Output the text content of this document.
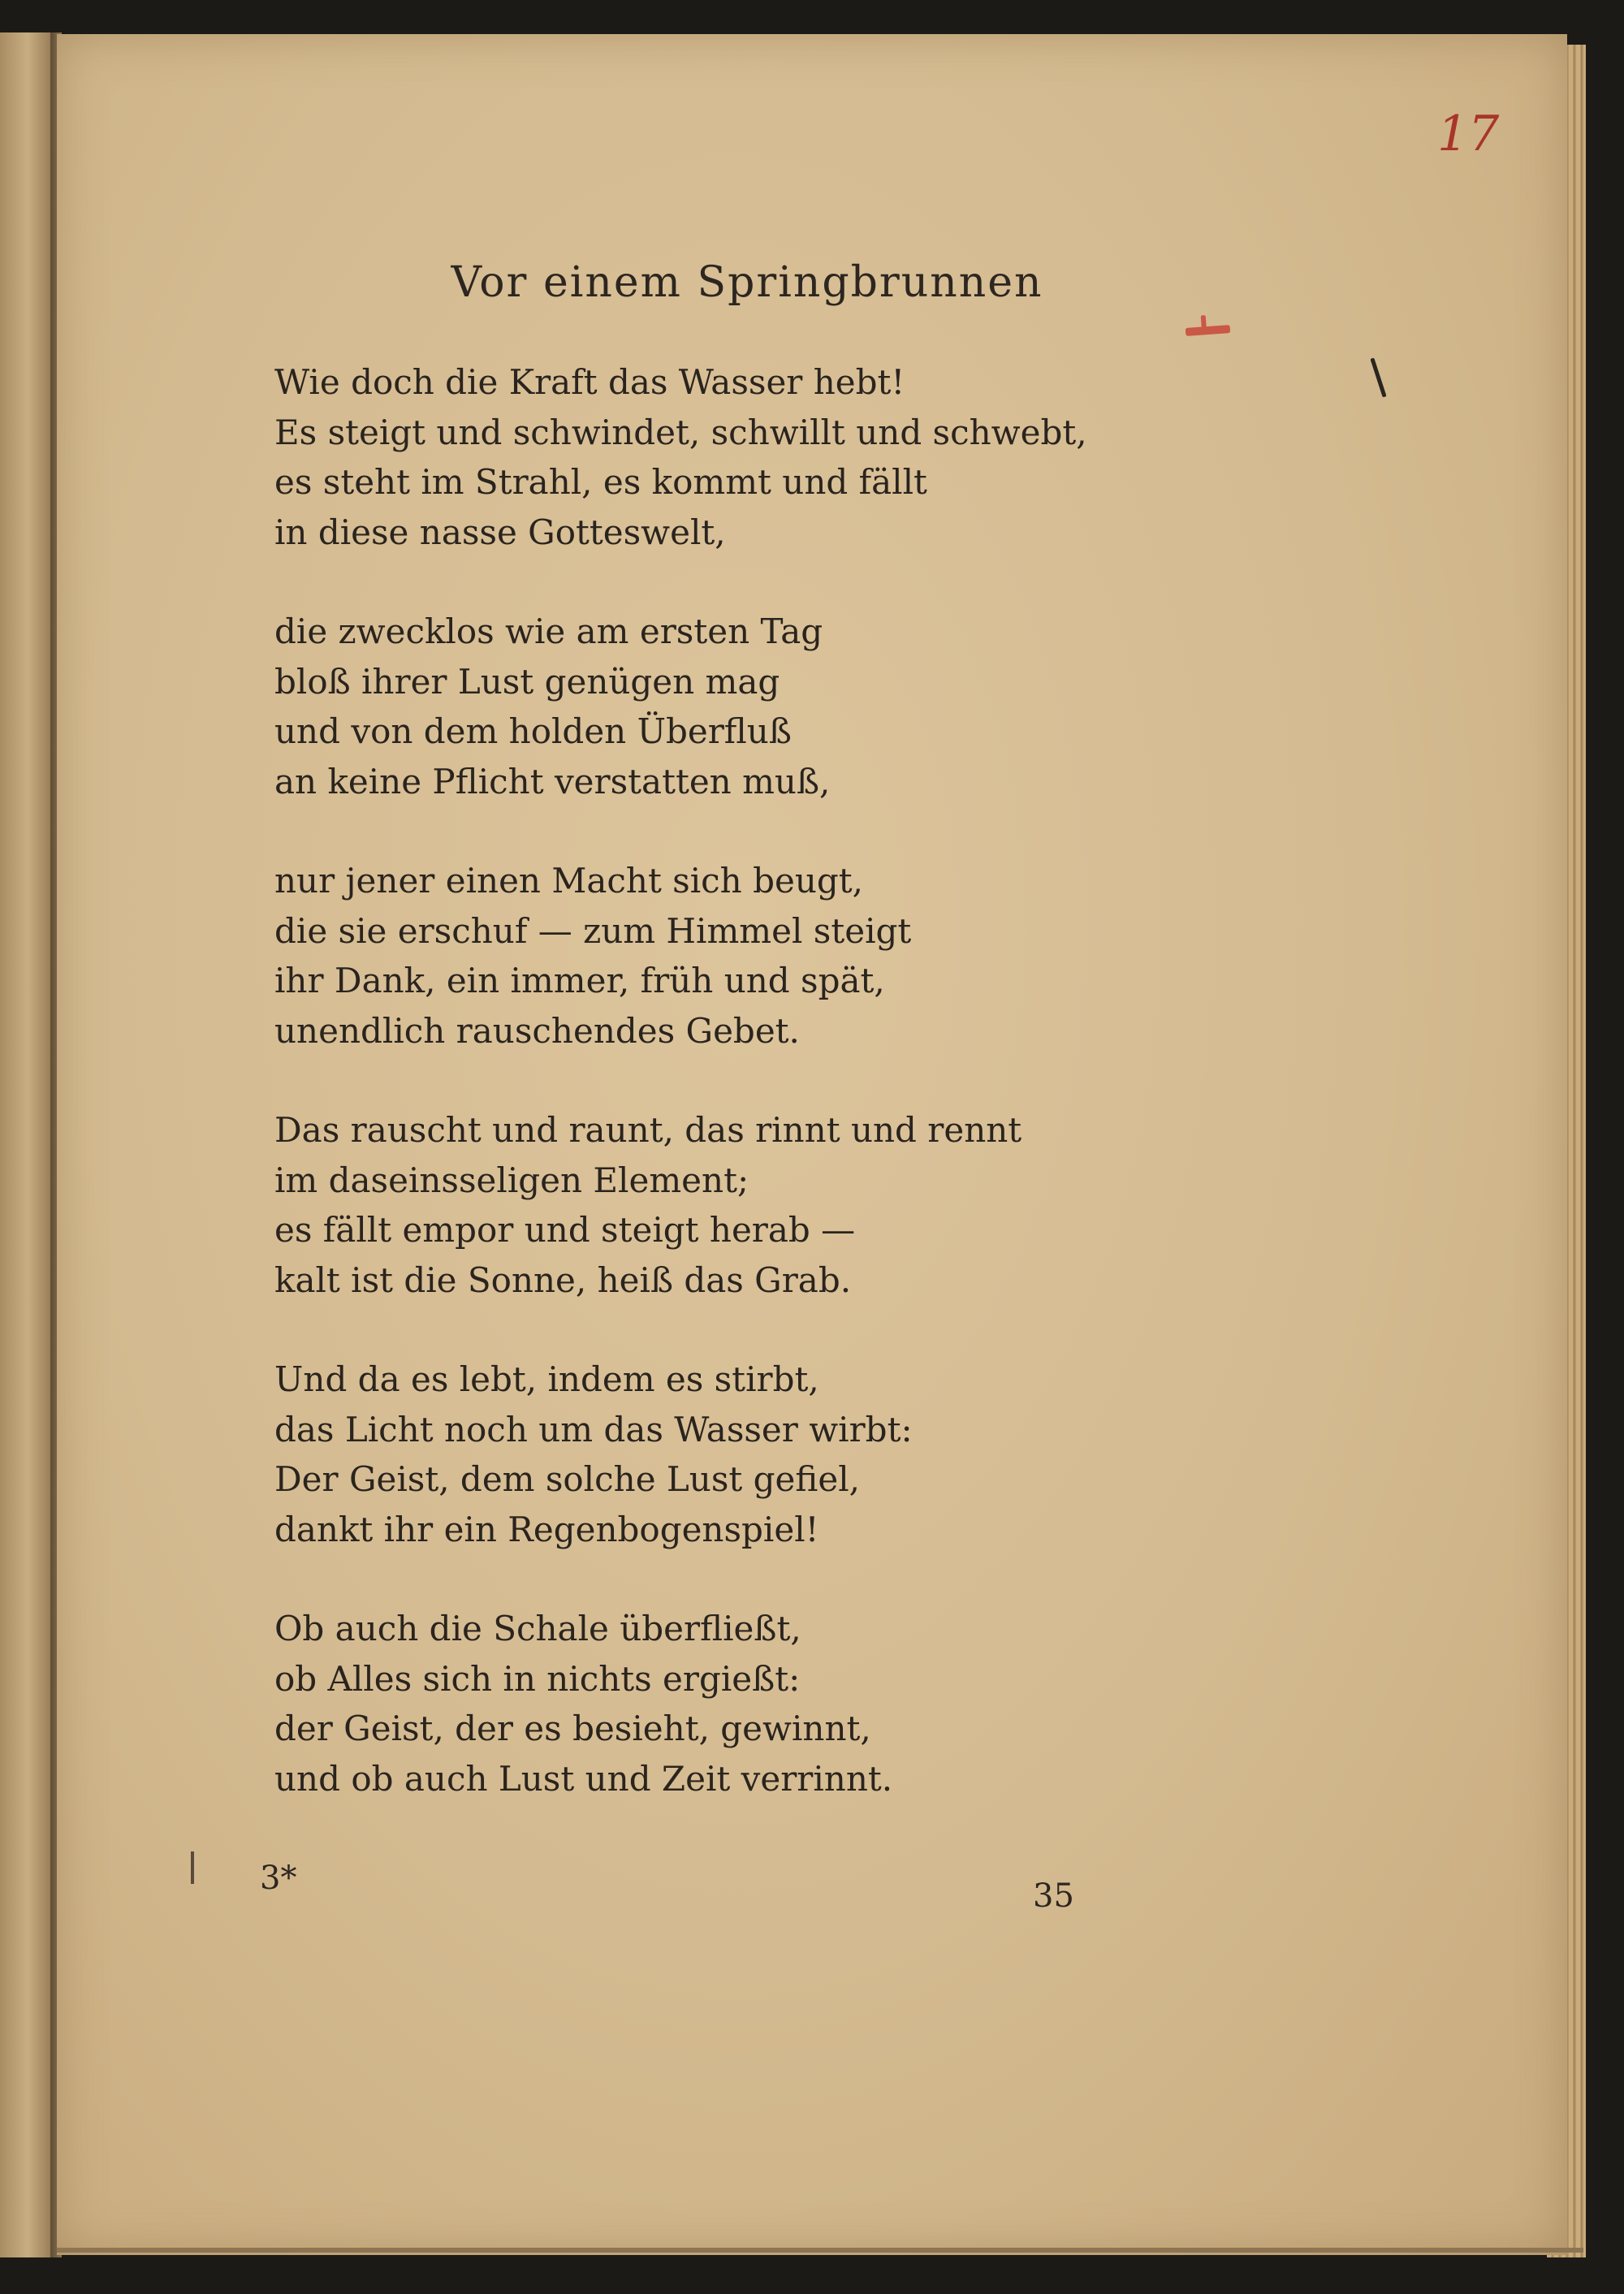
17
Vor einem Springbrunnen
Wie doch die Kraft das Wasser hebt!
Es steigt und schwindet, schwillt und schwebt,
es steht im Strahl, es kommt und fällt
in diese nasse Gotteswelt,
die zwecklos wie am ersten Tag
bloß ihrer Lust genügen mag
und von dem holden Überfluß
an keine Pflicht verstatten muß,
nur jener einen Macht sich beugt,
die sie erschuf — zum Himmel steigt
ihr Dank, ein immer, früh und spät,
unendlich rauschendes Gebet.
Das rauscht und raunt, das rinnt und rennt
im daseinsseligen Element;
es fällt empor und steigt herab —
kalt ist die Sonne, heiß das Grab.
Und da es lebt, indem es stirbt,
das Licht noch um das Wasser wirbt:
Der Geist, dem solche Lust gefiel,
dankt ihr ein Regenbogenspiel!
Ob auch die Schale überfließt,
ob Alles sich in nichts ergießt:
der Geist, der es besieht, gewinnt,
und ob auch Lust und Zeit verrinnt.
3*	35
